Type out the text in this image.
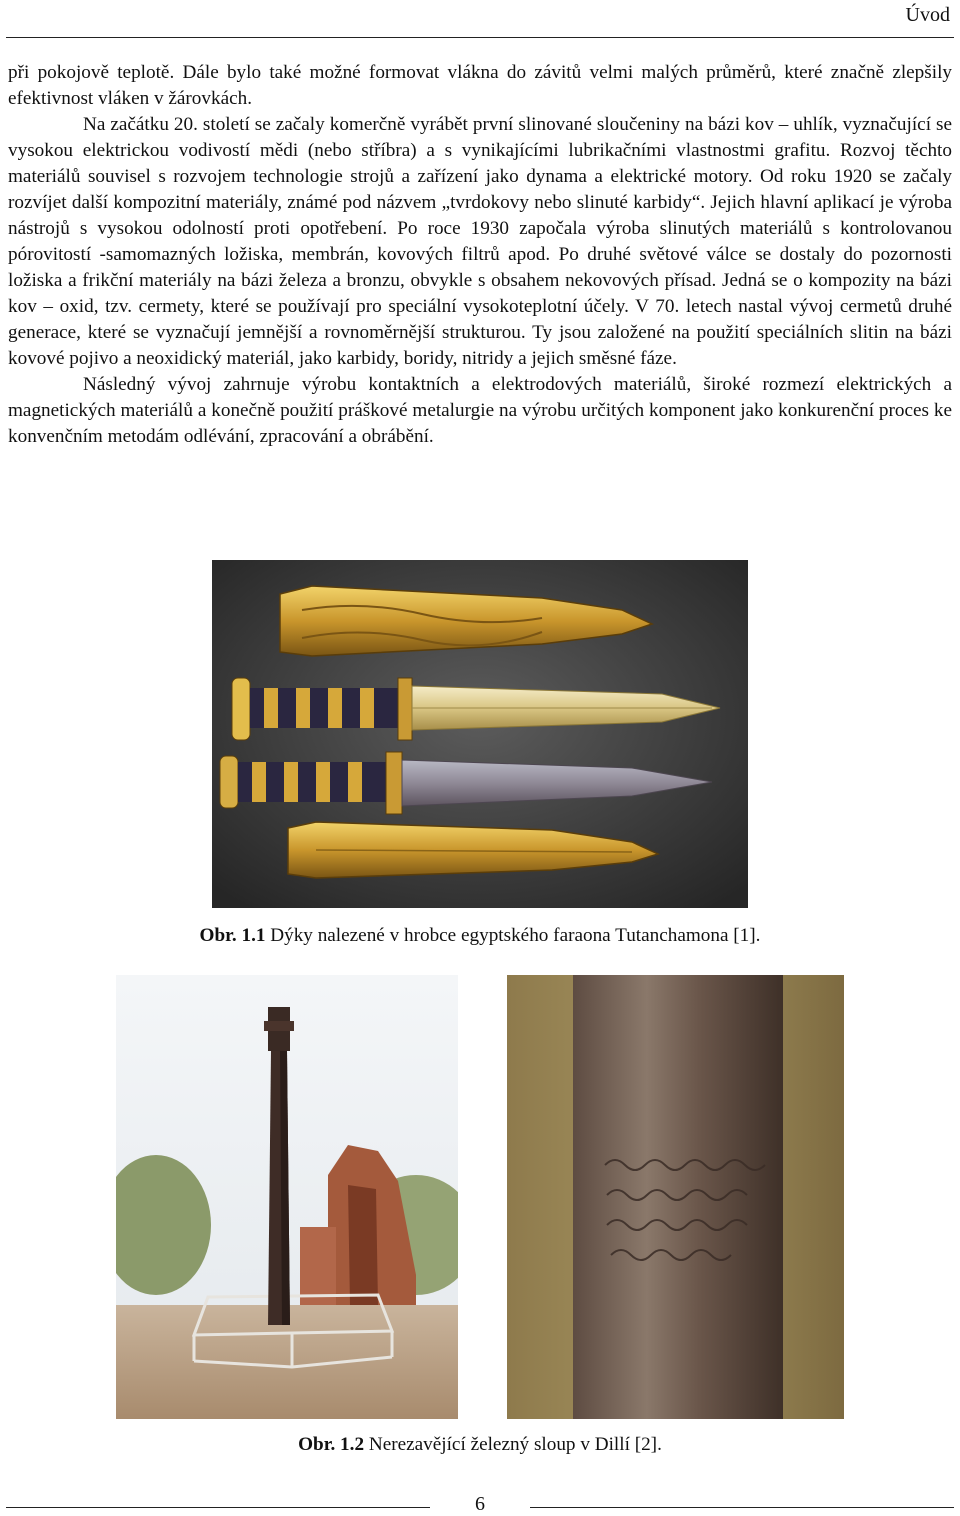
Úvod

při pokojově teplotě. Dále bylo také možné formovat vlákna do závitů velmi malých průměrů, které značně zlepšily efektivnost vláken v žárovkách.

Na začátku 20. století se začaly komerčně vyrábět první slinované sloučeniny na bázi kov – uhlík, vyznačující se vysokou elektrickou vodivostí mědi (nebo stříbra) a s vynikajícími lubrikačními vlastnostmi grafitu. Rozvoj těchto materiálů souvisel s rozvojem technologie strojů a zařízení jako dynama a elektrické motory. Od roku 1920 se začaly rozvíjet další kompozitní materiály, známé pod názvem „tvrdokovy nebo slinuté karbidy“. Jejich hlavní aplikací je výroba nástrojů s vysokou odolností proti opotřebení. Po roce 1930 započala výroba slinutých materiálů s kontrolovanou pórovitostí -samomazných ložiska, membrán, kovových filtrů apod. Po druhé světové válce se dostaly do pozornosti ložiska a frikční materiály na bázi železa a bronzu, obvykle s obsahem nekovových přísad. Jedná se o kompozity na bázi kov – oxid, tzv. cermety, které se používají pro speciální vysokoteplotní účely. V 70. letech nastal vývoj cermetů druhé generace, které se vyznačují jemnější a rovnoměrnější strukturou. Ty jsou založené na použití speciálních slitin na bázi kovové pojivo a neoxidický materiál, jako karbidy, boridy, nitridy a jejich směsné fáze.

Následný vývoj zahrnuje výrobu kontaktních a elektrodových materiálů, široké rozmezí elektrických a magnetických materiálů a konečně použití práškové metalurgie na výrobu určitých komponent jako konkurenční proces ke konvenčním metodám odlévání, zpracování a obrábění.

Obr. 1.1 Dýky nalezené v hrobce egyptského faraona Tutanchamona [1].
Obr. 1.2 Nerezavějící železný sloup v Dillí [2].
6
